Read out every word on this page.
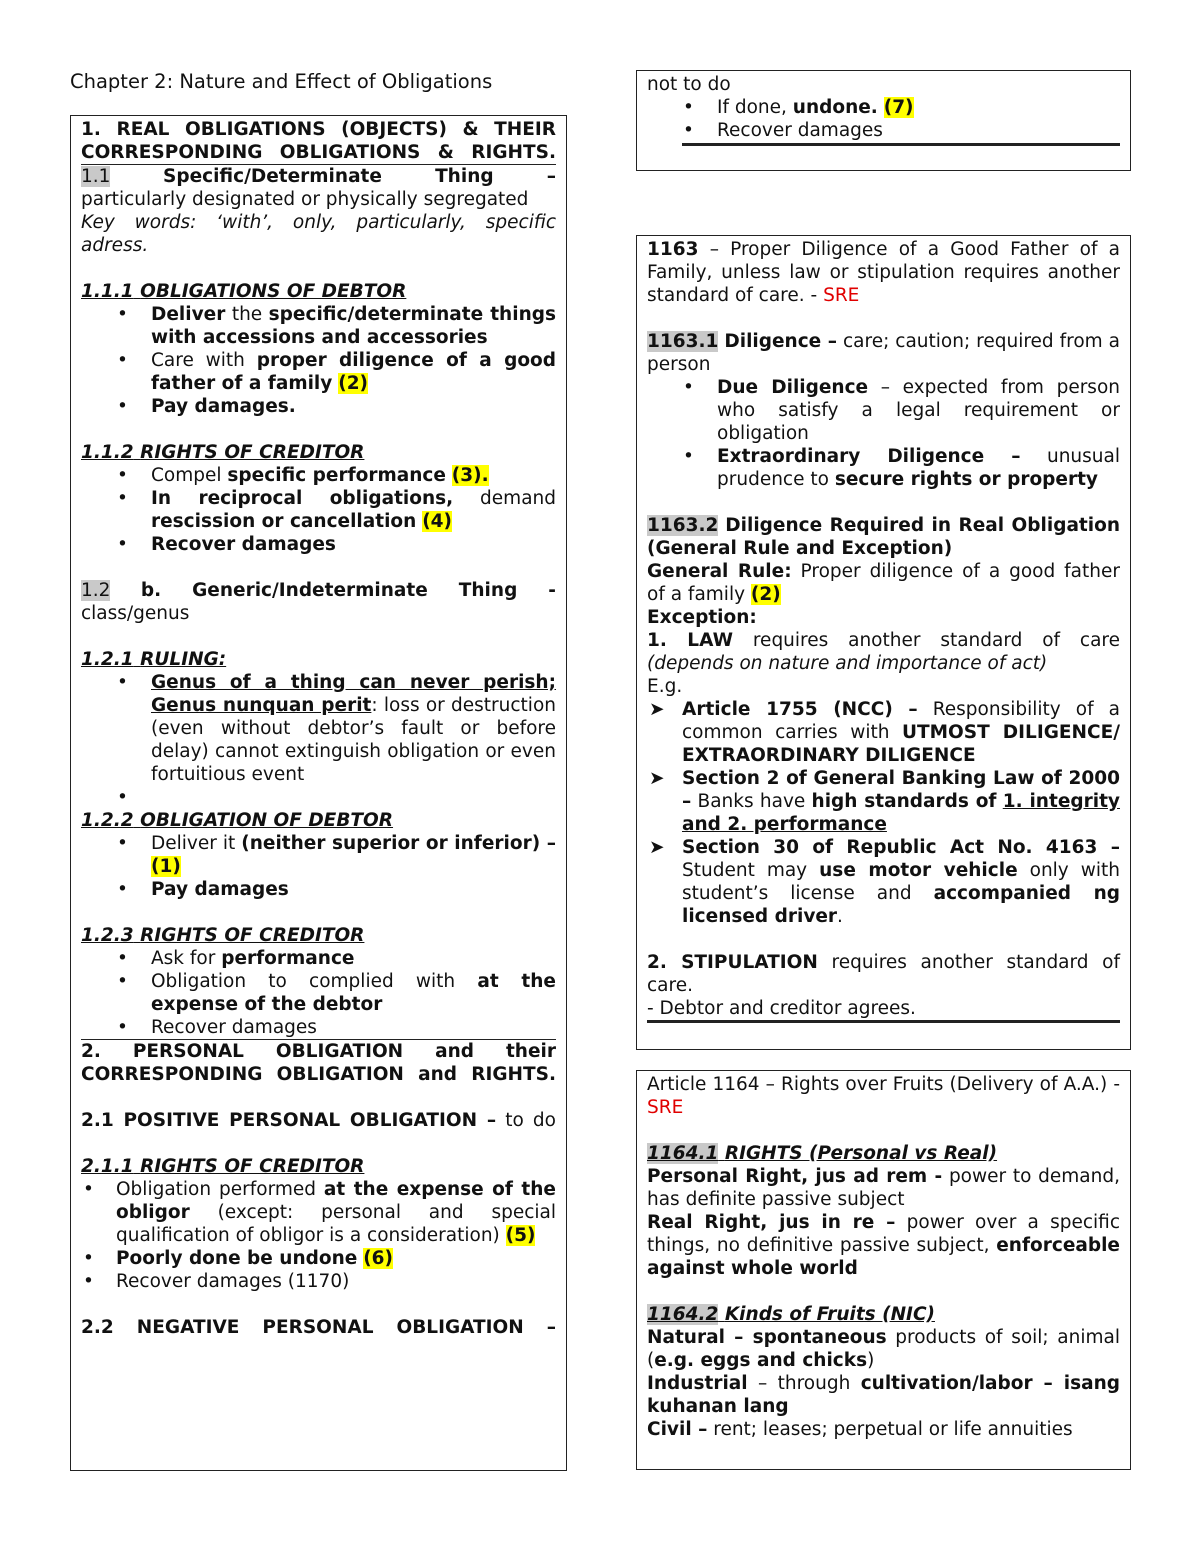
Chapter 2: Nature and Effect of Obligations

1. REAL OBLIGATIONS (OBJECTS) & THEIR CORRESPONDING OBLIGATIONS & RIGHTS.

1.1	Specific/Determinate Thing –

particularly designated or physically segregated

Key words: ‘with’, only, particularly, specific adress.

1.1.1 OBLIGATIONS OF DEBTOR

• Deliver the specific/determinate things with accessions and accessories
• Care with proper diligence of a good father of a family (2)
• Pay damages.

1.1.2 RIGHTS OF CREDITOR

• Compel specific performance (3).
• In reciprocal obligations, demand rescission or cancellation (4)
• Recover damages

1.2 b. Generic/Indeterminate Thing -

class/genus

1.2.1 RULING:

• Genus of a thing can never perish; Genus nunquan perit: loss or destruction (even without debtor’s fault or before delay) cannot extinguish obligation or even fortuitious event
•

1.2.2 OBLIGATION OF DEBTOR

• Deliver it (neither superior or inferior) – (1)
• Pay damages

1.2.3 RIGHTS OF CREDITOR

• Ask for performance
• Obligation to complied with at the expense of the debtor
• Recover damages

2. PERSONAL OBLIGATION and their CORRESPONDING OBLIGATION and RIGHTS.

2.1 POSITIVE PERSONAL OBLIGATION – to do

2.1.1 RIGHTS OF CREDITOR

• Obligation performed at the expense of the obligor (except: personal and special qualification of obligor is a consideration) (5)
• Poorly done be undone (6)
• Recover damages (1170)

2.2 NEGATIVE PERSONAL OBLIGATION –

not to do

• If done, undone. (7)
• Recover damages

1163 – Proper Diligence of a Good Father of a Family, unless law or stipulation requires another standard of care. - SRE

1163.1 Diligence – care; caution; required from a person

• Due Diligence – expected from person who satisfy a legal requirement or obligation
• Extraordinary Diligence – unusual prudence to secure rights or property

1163.2 Diligence Required in Real Obligation (General Rule and Exception)

General Rule: Proper diligence of a good father of a family (2)

Exception:

1. LAW requires another standard of care (depends on nature and importance of act)

E.g.

➤ Article 1755 (NCC) – Responsibility of a common carries with UTMOST DILIGENCE/ EXTRAORDINARY DILIGENCE
➤ Section 2 of General Banking Law of 2000 – Banks have high standards of 1. integrity and 2. performance
➤ Section 30 of Republic Act No. 4163 – Student may use motor vehicle only with student’s license and accompanied ng licensed driver.

2. STIPULATION requires another standard of care.

- Debtor and creditor agrees.

Article 1164 – Rights over Fruits (Delivery of A.A.) - SRE

1164.1 RIGHTS (Personal vs Real)

Personal Right, jus ad rem - power to demand, has definite passive subject

Real Right, jus in re – power over a specific things, no definitive passive subject, enforceable against whole world

1164.2 Kinds of Fruits (NIC)

Natural – spontaneous products of soil; animal (e.g. eggs and chicks)

Industrial – through cultivation/labor – isang kuhanan lang

Civil – rent; leases; perpetual or life annuities
